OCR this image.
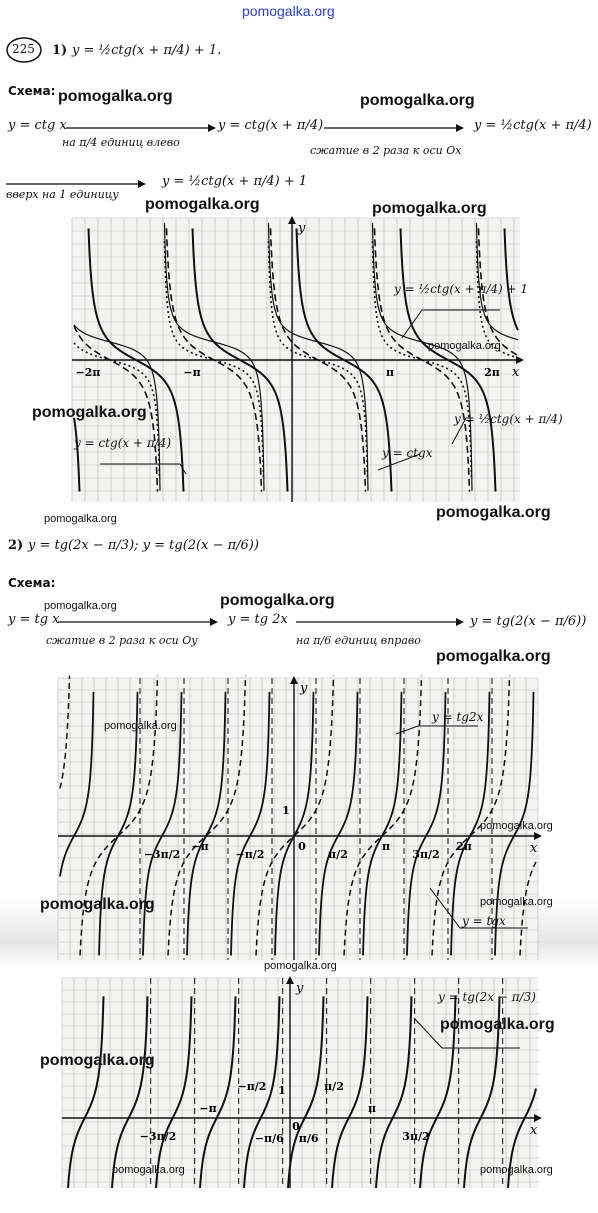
pomogalka.org
225 1) y = ½ctg(x + π/4) + 1.
Схема: pomogalka.org	pomogalka.org
y = ctg x
на π/4 единиц влево
y = ctg(x + π/4)
сжатие в 2 раза к оси Ox
y = ½ctg(x + π/4)
вверх на 1 единицу
y = ½ctg(x + π/4) + 1
pomogalka.org	pomogalka.org
x
y
−2π	−π	π	2π
y = ½ctg(x + π/4) + 1
y = ½ctg(x + π/4)
y = ctg(x + π/4)
y = ctgx
pomogalka.org
pomogalka.org
pomogalka.org
pomogalka.org
2) y = tg(2x − π/3); y = tg(2(x − π/6))
Схема:
pomogalka.org	pomogalka.org
y = tg x
сжатие в 2 раза к оси Oy
y = tg 2x
на π/6 единиц вправо
y = tg(2(x − π/6))
pomogalka.org
x
y
−3π/2
−π
−π/2
0
π/2
π
3π/2
2π
1
y = tg2x
y = tgx
pomogalka.org
pomogalka.org
pomogalka.org
pomogalka.org
pomogalka.org
x
y
−3π/2
−π
−π/2
−π/6
0
π/6
π/2
π
3π/2
1
y = tg(2x − π/3)
pomogalka.org
pomogalka.org
pomogalka.org	pomogalka.org
